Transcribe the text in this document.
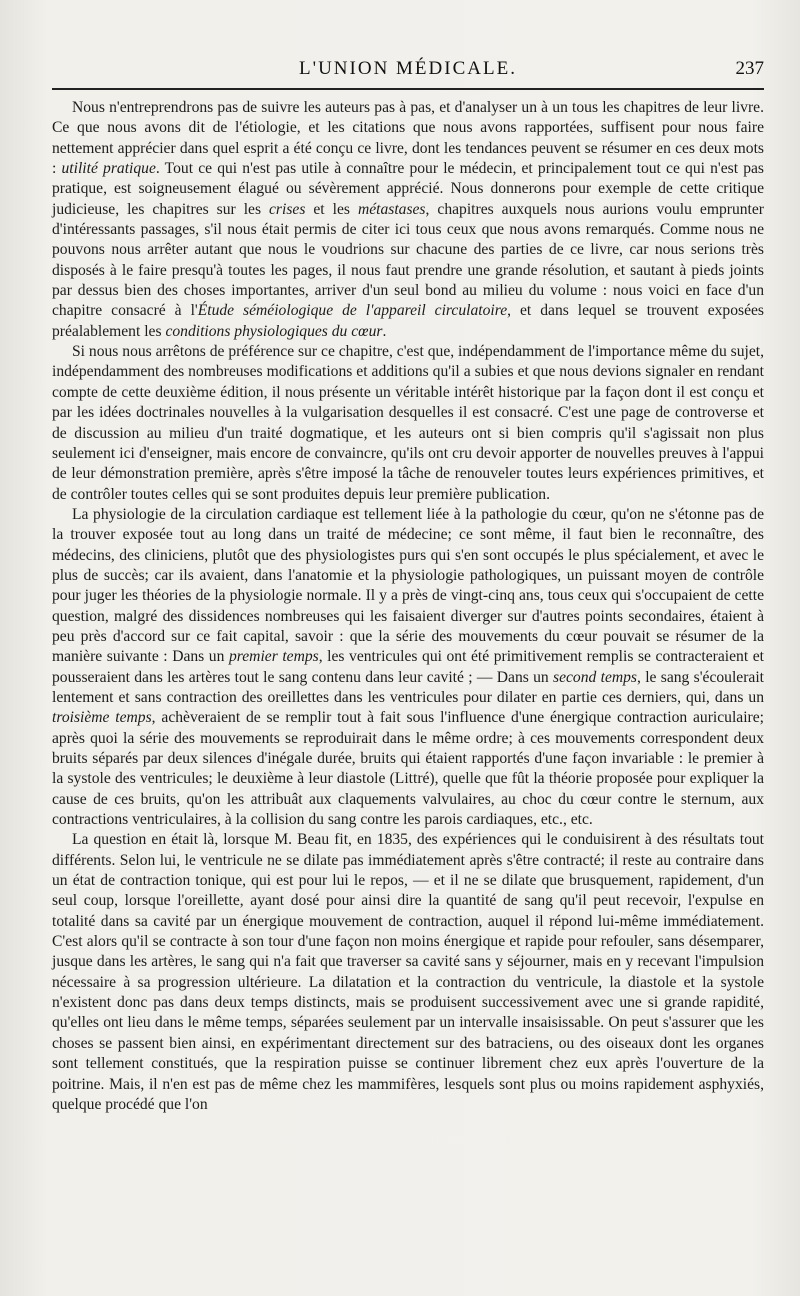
L'UNION MÉDICALE.	237

Nous n'entreprendrons pas de suivre les auteurs pas à pas, et d'analyser un à un tous les chapitres de leur livre. Ce que nous avons dit de l'étiologie, et les citations que nous avons rapportées, suffisent pour nous faire nettement apprécier dans quel esprit a été conçu ce livre, dont les tendances peuvent se résumer en ces deux mots : utilité pratique. Tout ce qui n'est pas utile à connaître pour le médecin, et principalement tout ce qui n'est pas pratique, est soigneusement élagué ou sévèrement apprécié. Nous donnerons pour exemple de cette critique judicieuse, les chapitres sur les crises et les métastases, chapitres auxquels nous aurions voulu emprunter d'intéressants passages, s'il nous était permis de citer ici tous ceux que nous avons remarqués. Comme nous ne pouvons nous arrêter autant que nous le voudrions sur chacune des parties de ce livre, car nous serions très disposés à le faire presqu'à toutes les pages, il nous faut prendre une grande résolution, et sautant à pieds joints par dessus bien des choses importantes, arriver d'un seul bond au milieu du volume : nous voici en face d'un chapitre consacré à l'Étude séméiologique de l'appareil circulatoire, et dans lequel se trouvent exposées préalablement les conditions physiologiques du cœur.

Si nous nous arrêtons de préférence sur ce chapitre, c'est que, indépendamment de l'importance même du sujet, indépendamment des nombreuses modifications et additions qu'il a subies et que nous devions signaler en rendant compte de cette deuxième édition, il nous présente un véritable intérêt historique par la façon dont il est conçu et par les idées doctrinales nouvelles à la vulgarisation desquelles il est consacré. C'est une page de controverse et de discussion au milieu d'un traité dogmatique, et les auteurs ont si bien compris qu'il s'agissait non plus seulement ici d'enseigner, mais encore de convaincre, qu'ils ont cru devoir apporter de nouvelles preuves à l'appui de leur démonstration première, après s'être imposé la tâche de renouveler toutes leurs expériences primitives, et de contrôler toutes celles qui se sont produites depuis leur première publication.

La physiologie de la circulation cardiaque est tellement liée à la pathologie du cœur, qu'on ne s'étonne pas de la trouver exposée tout au long dans un traité de médecine; ce sont même, il faut bien le reconnaître, des médecins, des cliniciens, plutôt que des physiologistes purs qui s'en sont occupés le plus spécialement, et avec le plus de succès; car ils avaient, dans l'anatomie et la physiologie pathologiques, un puissant moyen de contrôle pour juger les théories de la physiologie normale. Il y a près de vingt-cinq ans, tous ceux qui s'occupaient de cette question, malgré des dissidences nombreuses qui les faisaient diverger sur d'autres points secondaires, étaient à peu près d'accord sur ce fait capital, savoir : que la série des mouvements du cœur pouvait se résumer de la manière suivante : Dans un premier temps, les ventricules qui ont été primitivement remplis se contracteraient et pousseraient dans les artères tout le sang contenu dans leur cavité ; — Dans un second temps, le sang s'écoulerait lentement et sans contraction des oreillettes dans les ventricules pour dilater en partie ces derniers, qui, dans un troisième temps, achèveraient de se remplir tout à fait sous l'influence d'une énergique contraction auriculaire; après quoi la série des mouvements se reproduirait dans le même ordre; à ces mouvements correspondent deux bruits séparés par deux silences d'inégale durée, bruits qui étaient rapportés d'une façon invariable : le premier à la systole des ventricules; le deuxième à leur diastole (Littré), quelle que fût la théorie proposée pour expliquer la cause de ces bruits, qu'on les attribuât aux claquements valvulaires, au choc du cœur contre le sternum, aux contractions ventriculaires, à la collision du sang contre les parois cardiaques, etc., etc.

La question en était là, lorsque M. Beau fit, en 1835, des expériences qui le conduisirent à des résultats tout différents. Selon lui, le ventricule ne se dilate pas immédiatement après s'être contracté; il reste au contraire dans un état de contraction tonique, qui est pour lui le repos, — et il ne se dilate que brusquement, rapidement, d'un seul coup, lorsque l'oreillette, ayant dosé pour ainsi dire la quantité de sang qu'il peut recevoir, l'expulse en totalité dans sa cavité par un énergique mouvement de contraction, auquel il répond lui-même immédiatement. C'est alors qu'il se contracte à son tour d'une façon non moins énergique et rapide pour refouler, sans désemparer, jusque dans les artères, le sang qui n'a fait que traverser sa cavité sans y séjourner, mais en y recevant l'impulsion nécessaire à sa progression ultérieure. La dilatation et la contraction du ventricule, la diastole et la systole n'existent donc pas dans deux temps distincts, mais se produisent successivement avec une si grande rapidité, qu'elles ont lieu dans le même temps, séparées seulement par un intervalle insaisissable. On peut s'assurer que les choses se passent bien ainsi, en expérimentant directement sur des batraciens, ou des oiseaux dont les organes sont tellement constitués, que la respiration puisse se continuer librement chez eux après l'ouverture de la poitrine. Mais, il n'en est pas de même chez les mammifères, lesquels sont plus ou moins rapidement asphyxiés, quelque procédé que l'on
